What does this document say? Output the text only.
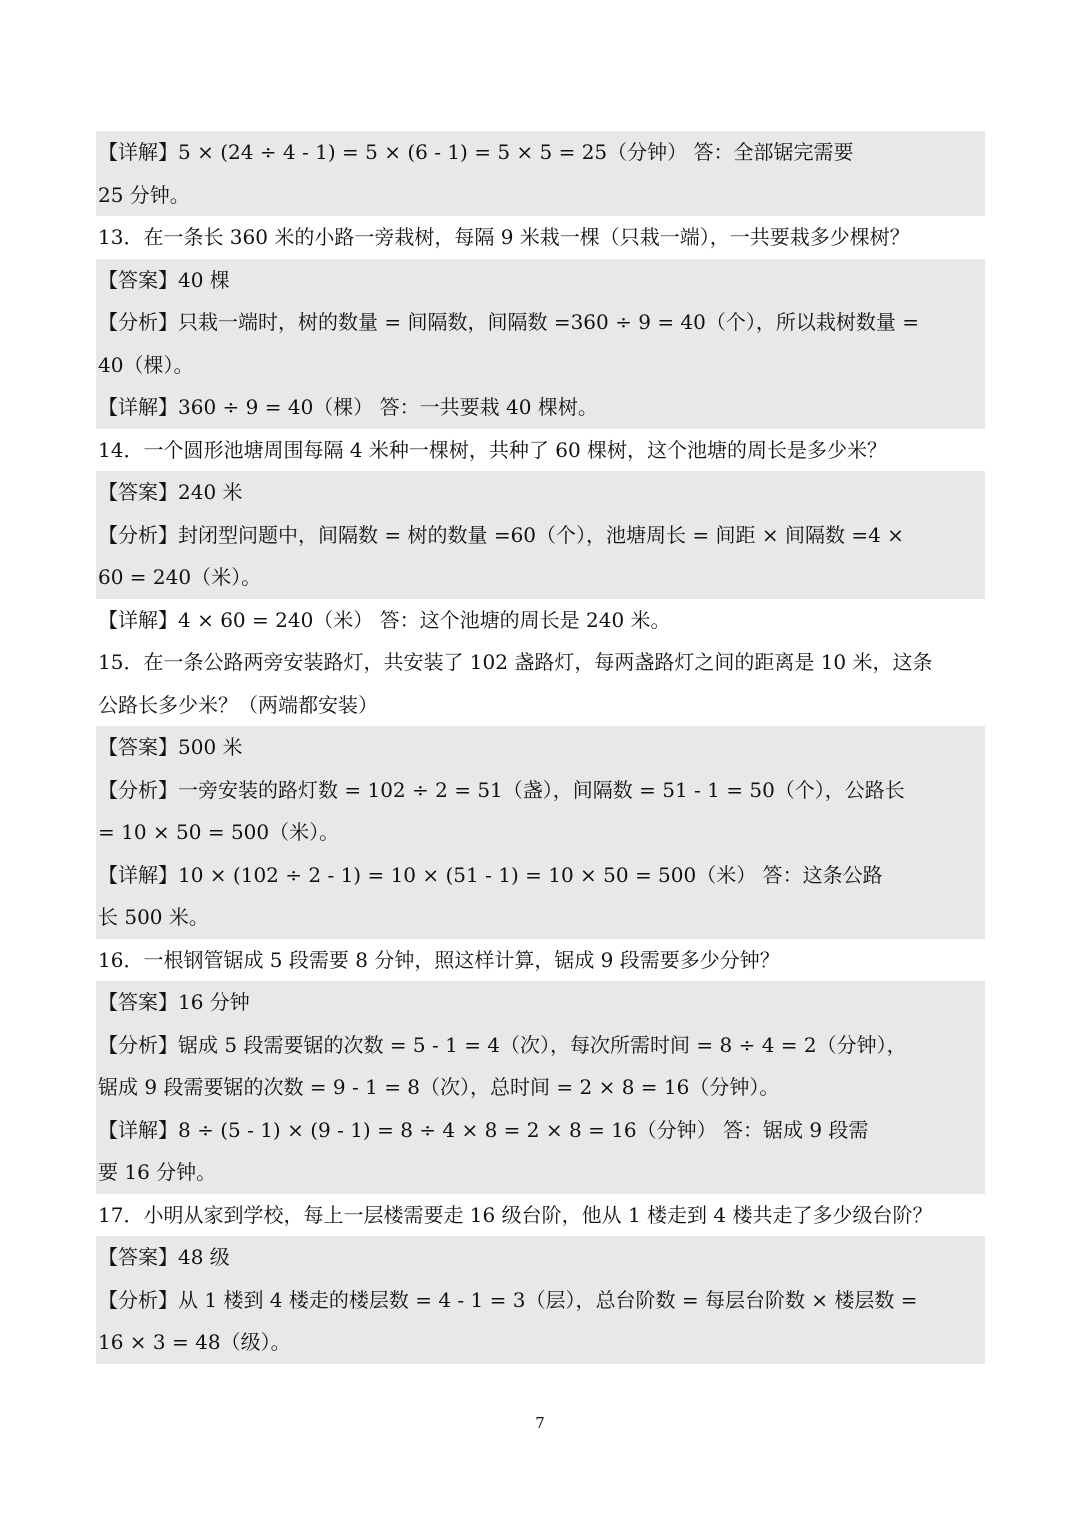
【详解】5 × (24 ÷ 4 - 1) = 5 × (6 - 1) = 5 × 5 = 25（分钟） 答：全部锯完需要
25 分钟。
13．在一条长 360 米的小路一旁栽树，每隔 9 米栽一棵（只栽一端），一共要栽多少棵树？
【答案】40 棵
【分析】只栽一端时，树的数量 = 间隔数，间隔数 =360 ÷ 9 = 40（个），所以栽树数量 =
40（棵）。
【详解】360 ÷ 9 = 40（棵） 答：一共要栽 40 棵树。
14．一个圆形池塘周围每隔 4 米种一棵树，共种了 60 棵树，这个池塘的周长是多少米？
【答案】240 米
【分析】封闭型问题中，间隔数 = 树的数量 =60（个），池塘周长 = 间距 × 间隔数 =4 ×
60 = 240（米）。
【详解】4 × 60 = 240（米） 答：这个池塘的周长是 240 米。
15．在一条公路两旁安装路灯，共安装了 102 盏路灯，每两盏路灯之间的距离是 10 米，这条
公路长多少米？（两端都安装）
【答案】500 米
【分析】一旁安装的路灯数 = 102 ÷ 2 = 51（盏），间隔数 = 51 - 1 = 50（个），公路长
= 10 × 50 = 500（米）。
【详解】10 × (102 ÷ 2 - 1) = 10 × (51 - 1) = 10 × 50 = 500（米） 答：这条公路
长 500 米。
16．一根钢管锯成 5 段需要 8 分钟，照这样计算，锯成 9 段需要多少分钟？
【答案】16 分钟
【分析】锯成 5 段需要锯的次数 = 5 - 1 = 4（次），每次所需时间 = 8 ÷ 4 = 2（分钟），
锯成 9 段需要锯的次数 = 9 - 1 = 8（次），总时间 = 2 × 8 = 16（分钟）。
【详解】8 ÷ (5 - 1) × (9 - 1) = 8 ÷ 4 × 8 = 2 × 8 = 16（分钟） 答：锯成 9 段需
要 16 分钟。
17．小明从家到学校，每上一层楼需要走 16 级台阶，他从 1 楼走到 4 楼共走了多少级台阶？
【答案】48 级
【分析】从 1 楼到 4 楼走的楼层数 = 4 - 1 = 3（层），总台阶数 = 每层台阶数 × 楼层数 =
16 × 3 = 48（级）。
7
